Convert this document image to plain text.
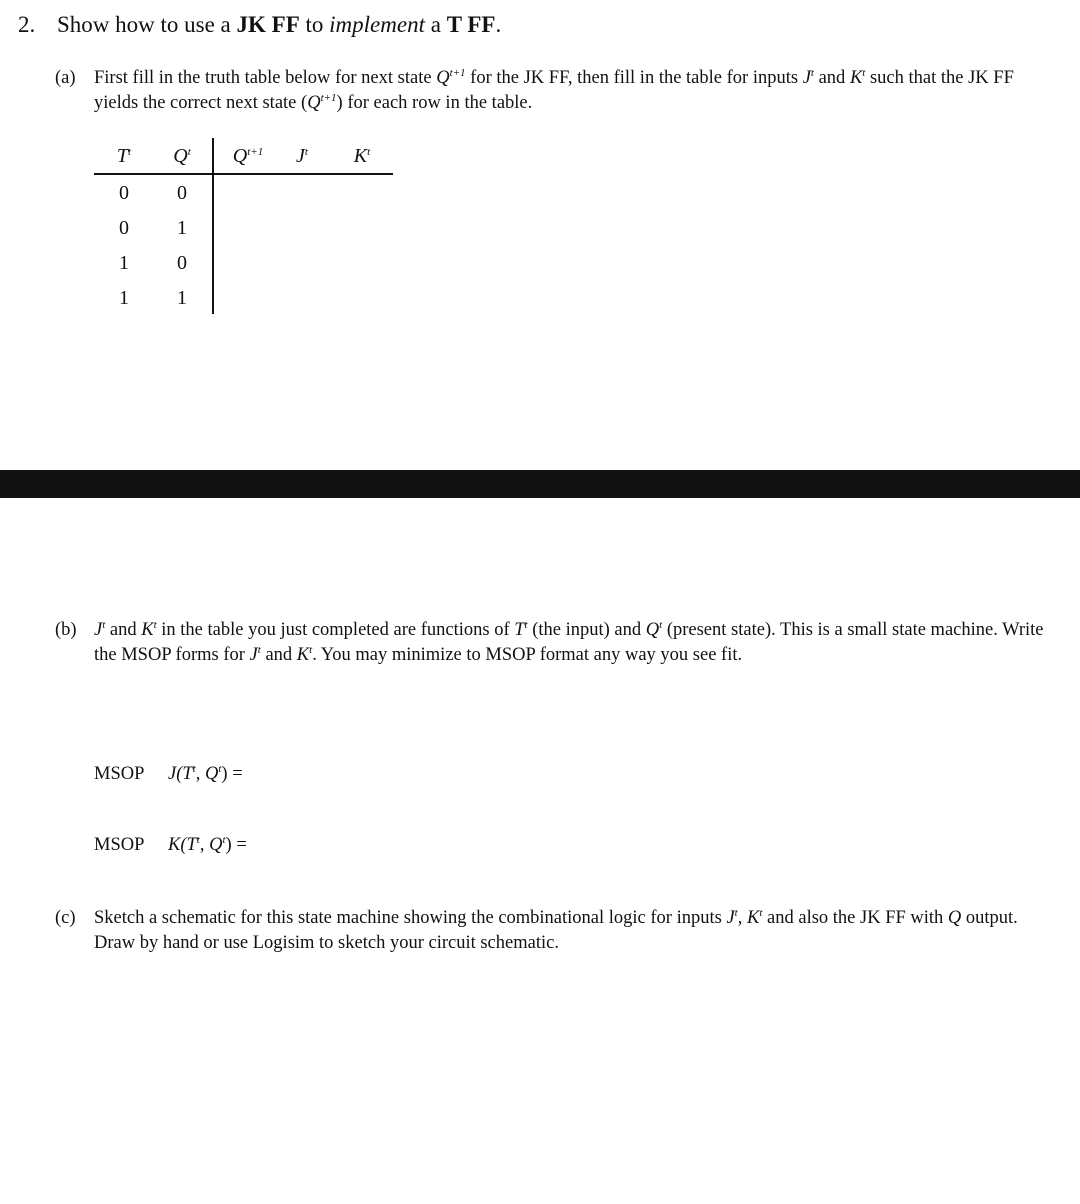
2. Show how to use a JK FF to implement a T FF.
(a) First fill in the truth table below for next state $Q^{t+1}$ for the JK FF, then fill in the table for inputs $J^t$ and $K^t$ such that the JK FF yields the correct next state $(Q^{t+1})$ for each row in the table.
$T^t$	$Q^t$	$Q^{t+1}$	$J^t$	$K^t$
0	0
0	1
1	0
1	1
(b) $J^t$ and $K^t$ in the table you just completed are functions of $T^t$ (the input) and $Q^t$ (present state). This is a small state machine. Write the MSOP forms for $J^t$ and $K^t$. You may minimize to MSOP format any way you see fit.
MSOP $J(T^t$, $Q^t$) =
MSOP $K(T^t$, $Q^t$) =
(c) Sketch a schematic for this state machine showing the combinational logic for inputs $J^t$, $K^t$ and also the JK FF with Q output. Draw by hand or use Logisim to sketch your circuit schematic.
